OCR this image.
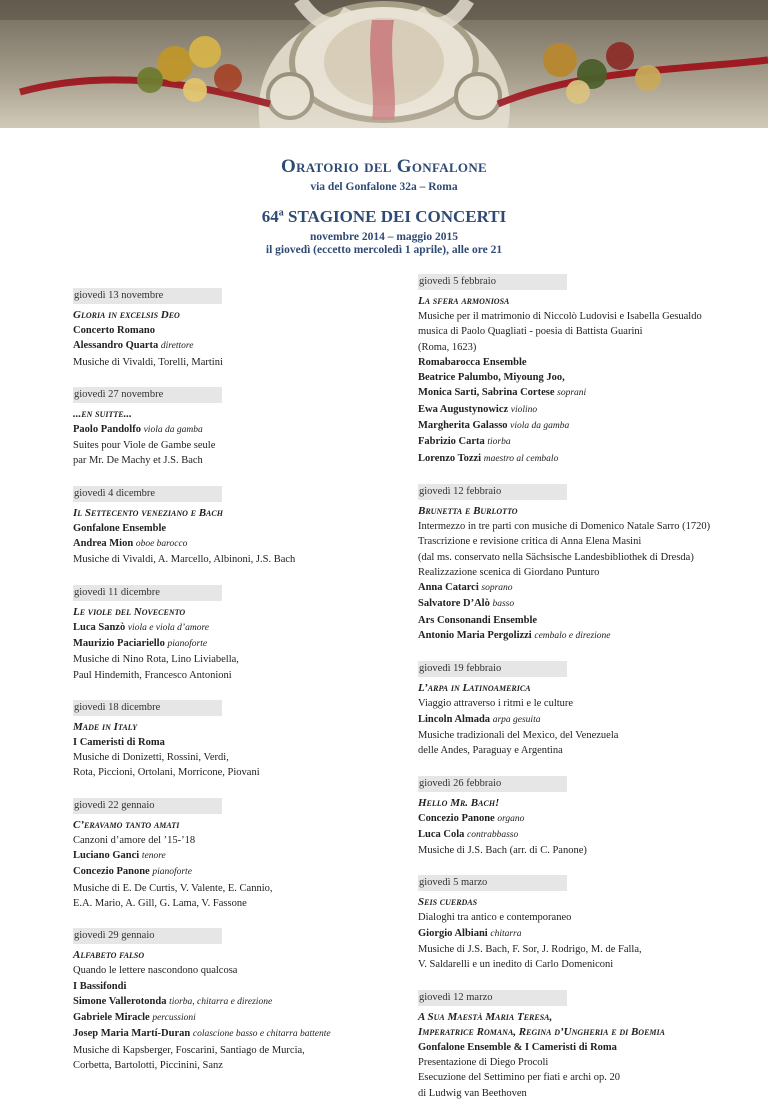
Oratorio del Gonfalone
via del Gonfalone 32a – Roma
64$^a$ STAGIONE DEI CONCERTI
novembre 2014 – maggio 2015
il giovedì (eccetto mercoledì 1 aprile), alle ore 21
giovedì 13 novembre
Gloria in excelsis Deo
Concerto Romano
Alessandro Quarta direttore
Musiche di Vivaldi, Torelli, Martini
giovedì 27 novembre
...en suitte...
Paolo Pandolfo viola da gamba
Suites pour Viole de Gambe seule
par Mr. De Machy et J.S. Bach
giovedì 4 dicembre
Il Settecento veneziano e Bach
Gonfalone Ensemble
Andrea Mion oboe barocco
Musiche di Vivaldi, A. Marcello, Albinoni, J.S. Bach
giovedì 11 dicembre
Le viole del Novecento
Luca Sanzò viola e viola d’amore
Maurizio Paciariello pianoforte
Musiche di Nino Rota, Lino Liviabella,
Paul Hindemith, Francesco Antonioni
giovedì 18 dicembre
Made in Italy
I Cameristi di Roma
Musiche di Donizetti, Rossini, Verdi,
Rota, Piccioni, Ortolani, Morricone, Piovani
giovedì 22 gennaio
C’eravamo tanto amati
Canzoni d’amore del ’15-’18
Luciano Ganci tenore
Concezio Panone pianoforte
Musiche di E. De Curtis, V. Valente, E. Cannio,
E.A. Mario, A. Gill, G. Lama, V. Fassone
giovedì 29 gennaio
Alfabeto falso
Quando le lettere nascondono qualcosa
I Bassifondi
Simone Vallerotonda tiorba, chitarra e direzione
Gabriele Miracle percussioni
Josep Maria Martí-Duran colascione basso e chitarra battente
Musiche di Kapsberger, Foscarini, Santiago de Murcia,
Corbetta, Bartolotti, Piccinini, Sanz
giovedì 5 febbraio
La sfera armoniosa
Musiche per il matrimonio di Niccolò Ludovisi e Isabella Gesualdo
musica di Paolo Quagliati - poesia di Battista Guarini
(Roma, 1623)
Romabarocca Ensemble
Beatrice Palumbo, Miyoung Joo,
Monica Sarti, Sabrina Cortese soprani
Ewa Augustynowicz violino
Margherita Galasso viola da gamba
Fabrizio Carta tiorba
Lorenzo Tozzi maestro al cembalo
giovedì 12 febbraio
Brunetta e Burlotto
Intermezzo in tre parti con musiche di Domenico Natale Sarro (1720)
Trascrizione e revisione critica di Anna Elena Masini
(dal ms. conservato nella Sächsische Landesbibliothek di Dresda)
Realizzazione scenica di Giordano Punturo
Anna Catarci soprano
Salvatore D’Alò basso
Ars Consonandi Ensemble
Antonio Maria Pergolizzi cembalo e direzione
giovedì 19 febbraio
L’arpa in Latinoamerica
Viaggio attraverso i ritmi e le culture
Lincoln Almada arpa gesuita
Musiche tradizionali del Mexico, del Venezuela
delle Andes, Paraguay e Argentina
giovedì 26 febbraio
Hello Mr. Bach!
Concezio Panone organo
Luca Cola contrabbasso
Musiche di J.S. Bach (arr. di C. Panone)
giovedì 5 marzo
Seis cuerdas
Dialoghi tra antico e contemporaneo
Giorgio Albiani chitarra
Musiche di J.S. Bach, F. Sor, J. Rodrigo, M. de Falla,
V. Saldarelli e un inedito di Carlo Domeniconi
giovedì 12 marzo
A Sua Maestà Maria Teresa,
Imperatrice Romana, Regina d’Ungheria e di Boemia
Gonfalone Ensemble & I Cameristi di Roma
Presentazione di Diego Procoli
Esecuzione del Settimino per fiati e archi op. 20
di Ludwig van Beethoven
